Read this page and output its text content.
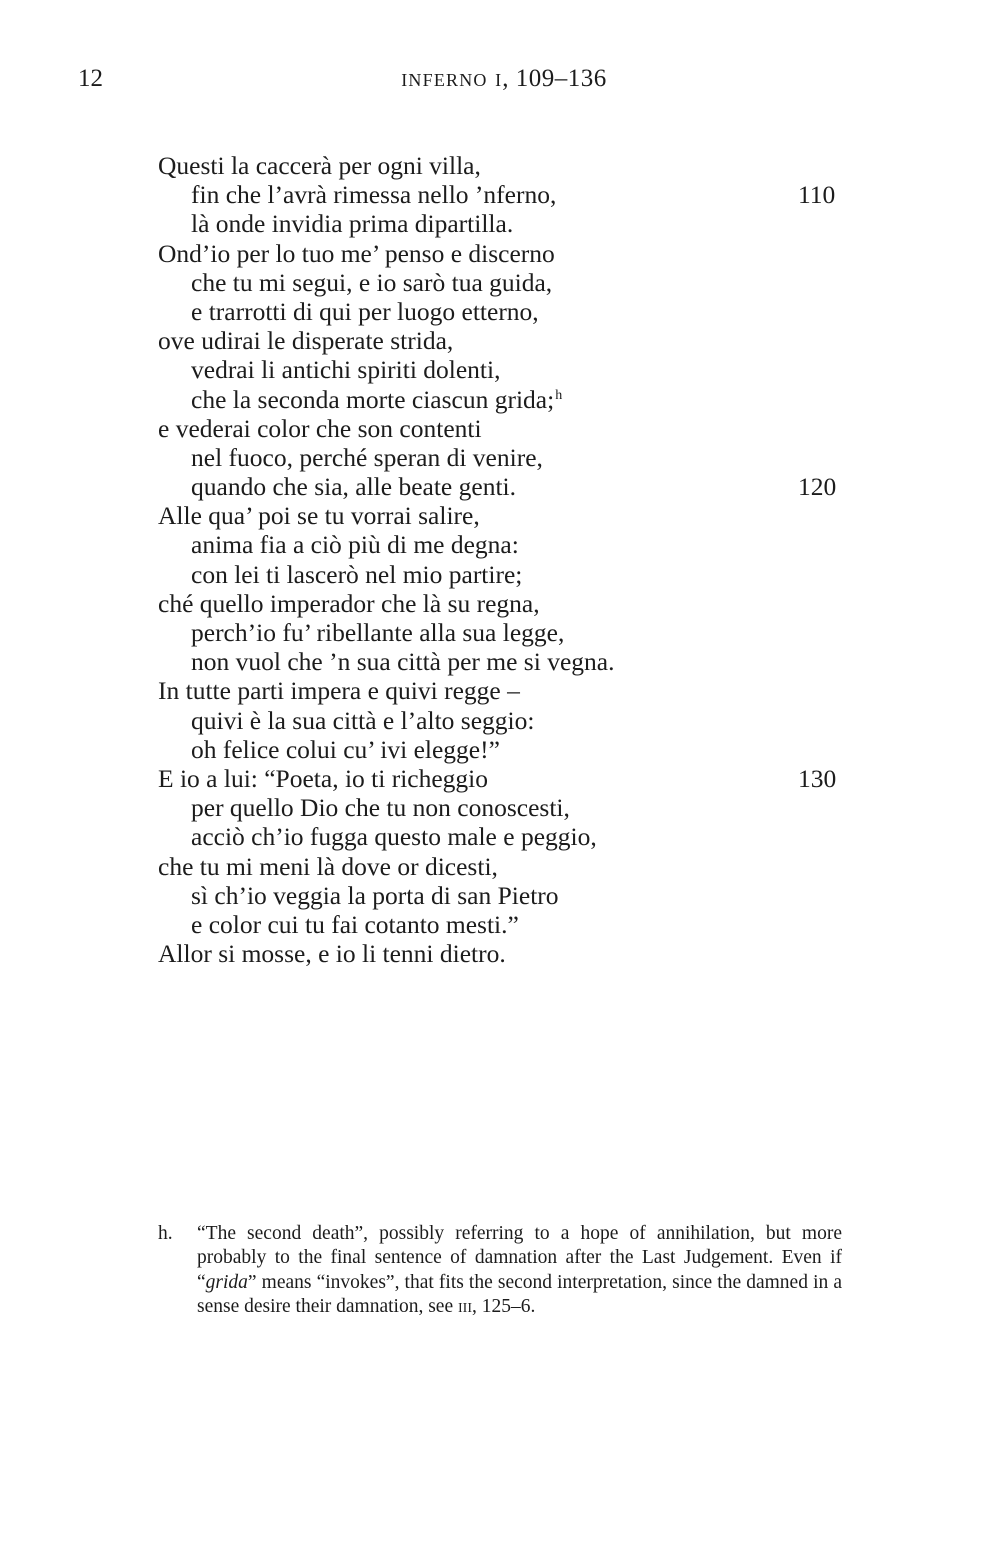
12	inferno i, 109–136
Questi la caccerà per ogni villa,
fin che l’avrà rimessa nello ’nferno,	110
là onde invidia prima dipartilla.
Ond’io per lo tuo me’ penso e discerno
che tu mi segui, e io sarò tua guida,
e trarrotti di qui per luogo etterno,
ove udirai le disperate strida,
vedrai li antichi spiriti dolenti,
che la seconda morte ciascun grida;$^h$
e vederai color che son contenti
nel fuoco, perché speran di venire,
quando che sia, alle beate genti.	120
Alle qua’ poi se tu vorrai salire,
anima fia a ciò più di me degna:
con lei ti lascerò nel mio partire;
ché quello imperador che là su regna,
perch’io fu’ ribellante alla sua legge,
non vuol che ’n sua città per me si vegna.
In tutte parti impera e quivi regge –
quivi è la sua città e l’alto seggio:
oh felice colui cu’ ivi elegge!”
E io a lui: “Poeta, io ti richeggio	130
per quello Dio che tu non conoscesti,
acciò ch’io fugga questo male e peggio,
che tu mi meni là dove or dicesti,
sì ch’io veggia la porta di san Pietro
e color cui tu fai cotanto mesti.”
Allor si mosse, e io li tenni dietro.
h. “The second death”, possibly referring to a hope of annihilation, but more probably to the final sentence of damnation after the Last Judgement. Even if “grida” means “invokes”, that fits the second interpretation, since the damned in a sense desire their damnation, see iii, 125–6.
